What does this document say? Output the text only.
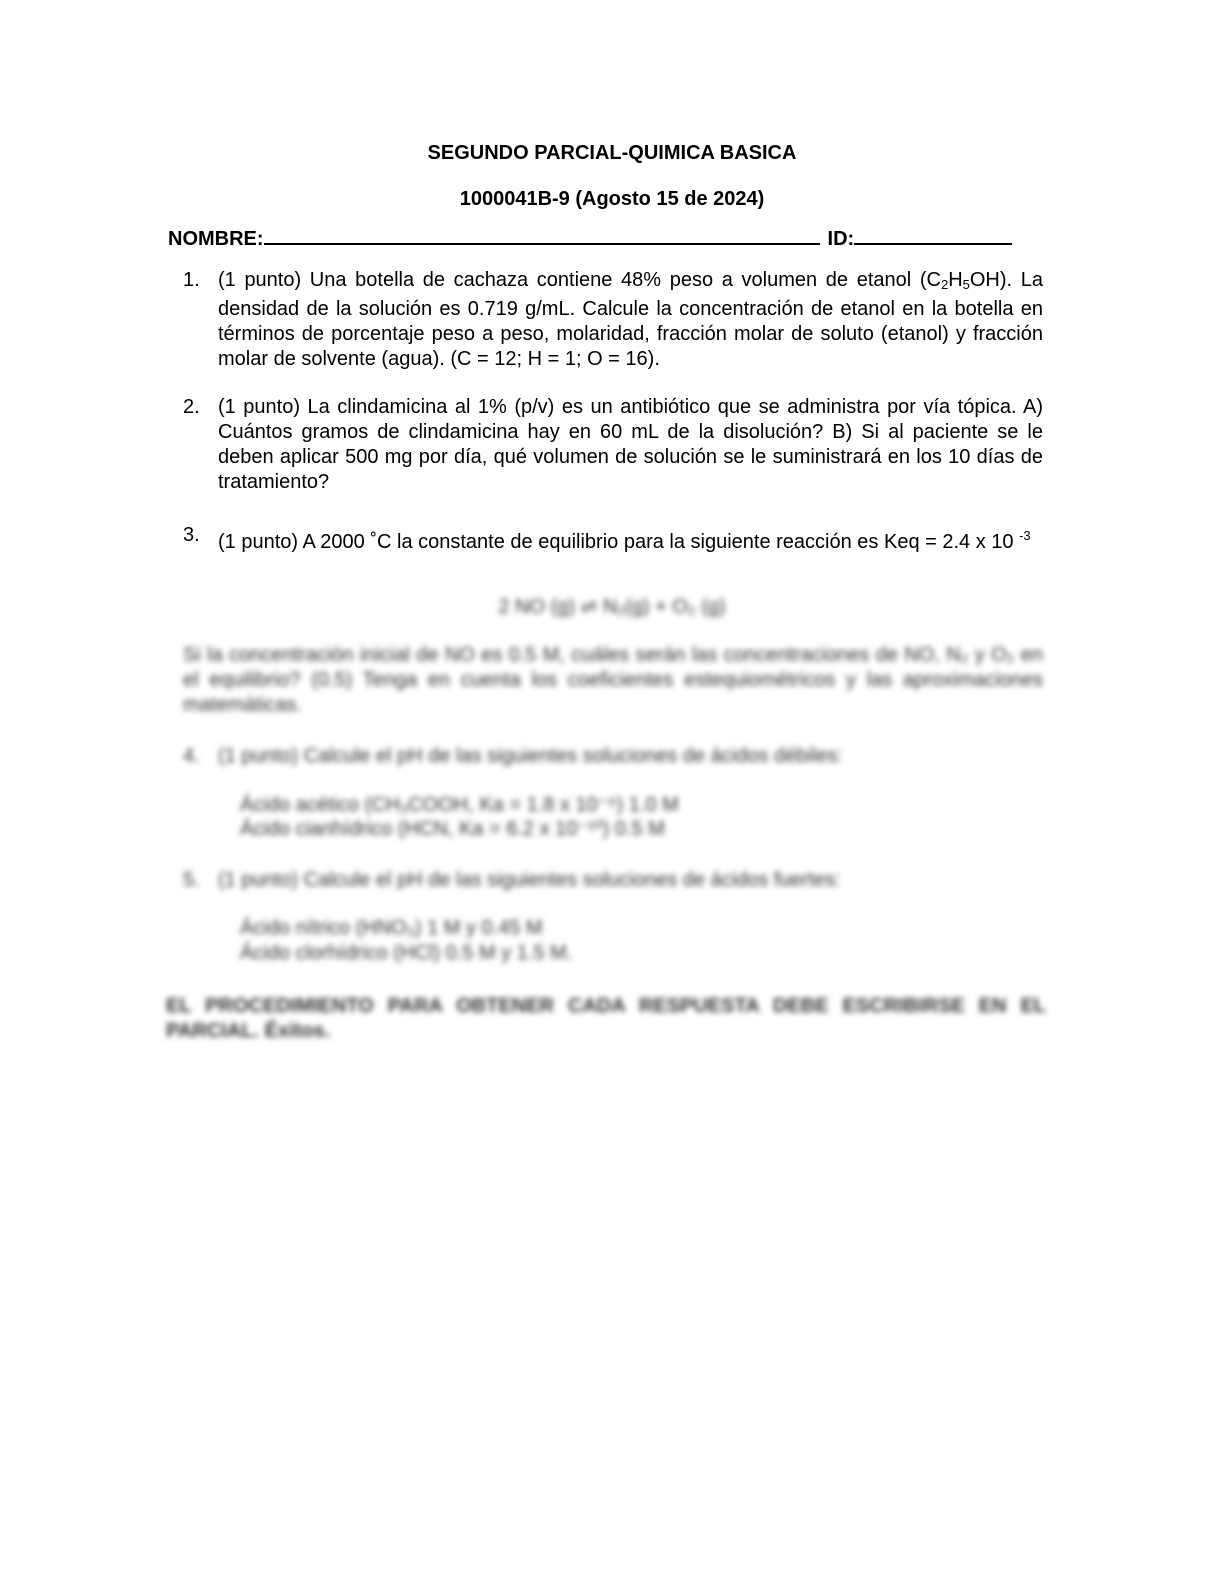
SEGUNDO PARCIAL-QUIMICA BASICA
1000041B-9 (Agosto 15 de 2024)
NOMBRE:	ID:
1. (1 punto) Una botella de cachaza contiene 48% peso a volumen de etanol $(C_2H_5OH)$. La densidad de la solución es 0.719 g/mL. Calcule la concentración de etanol en la botella en términos de porcentaje peso a peso, molaridad, fracción molar de soluto (etanol) y fracción molar de solvente (agua). (C = 12; H = 1; O = 16).
2. (1 punto) La clindamicina al 1% (p/v) es un antibiótico que se administra por vía tópica. A) Cuántos gramos de clindamicina hay en 60 mL de la disolución? B) Si al paciente se le deben aplicar 500 mg por día, qué volumen de solución se le suministrará en los 10 días de tratamiento?
3. (1 punto) A 2000 ˚C la constante de equilibrio para la siguiente reacción es Keq = 2.4 x 10 $^{-3}$
2 NO (g) ⇌ N₂(g) + O₂ (g)
Si la concentración inicial de NO es 0.5 M, cuáles serán las concentraciones de NO, N₂ y O₂ en el equilibrio? (0.5) Tenga en cuenta los coeficientes estequiométricos y las aproximaciones matemáticas.
4. (1 punto) Calcule el pH de las siguientes soluciones de ácidos débiles:
Ácido acético (CH₃COOH, Ka = 1.8 x 10⁻⁵) 1.0 M
Ácido cianhídrico (HCN, Ka = 6.2 x 10⁻¹⁰) 0.5 M
5. (1 punto) Calcule el pH de las siguientes soluciones de ácidos fuertes:
Ácido nítrico (HNO₃) 1 M y 0.45 M
Ácido clorhídrico (HCl) 0.5 M y 1.5 M.
EL PROCEDIMIENTO PARA OBTENER CADA RESPUESTA DEBE ESCRIBIRSE EN EL PARCIAL. Éxitos.
